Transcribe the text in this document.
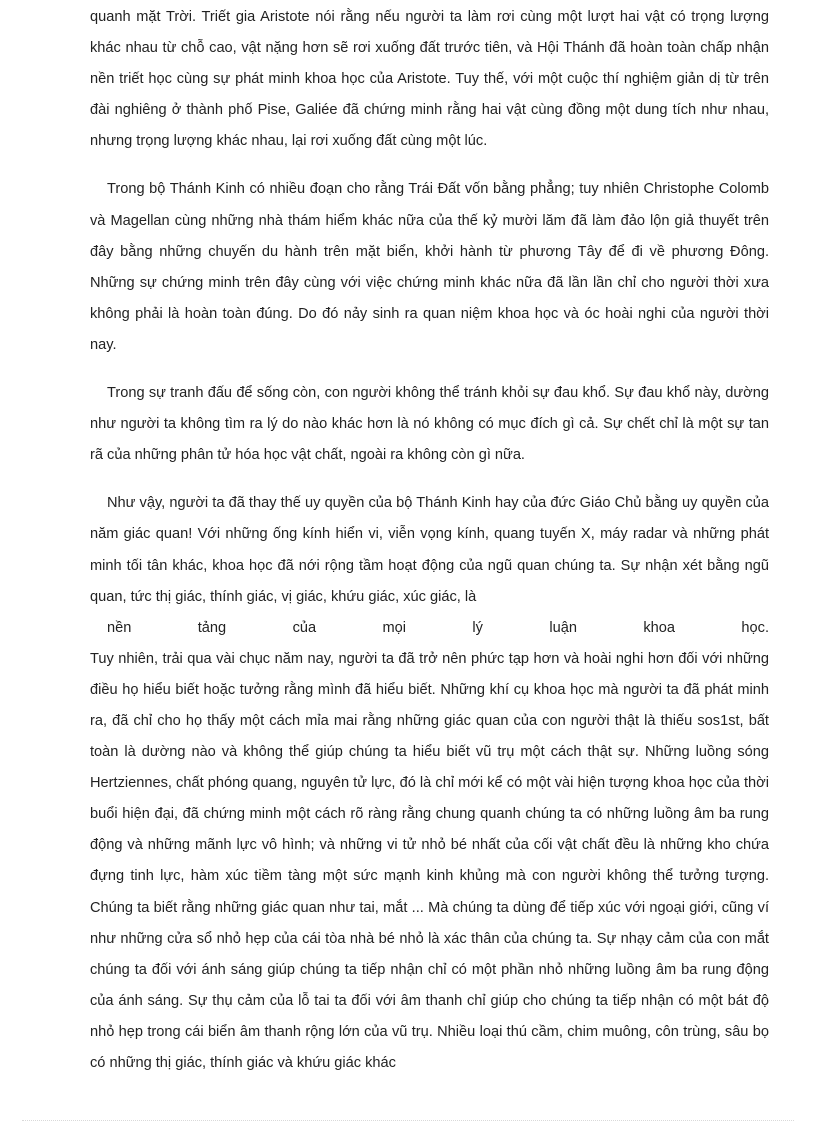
quanh mặt Trời. Triết gia Aristote nói rằng nếu người ta làm rơi cùng một lượt hai vật có trọng lượng khác nhau từ chỗ cao, vật nặng hơn sẽ rơi xuống đất trước tiên, và Hội Thánh đã hoàn toàn chấp nhận nền triết học cùng sự phát minh khoa học của Aristote. Tuy thế, với một cuộc thí nghiệm giản dị từ trên đài nghiêng ở thành phố Pise, Galiée đã chứng minh rằng hai vật cùng đồng một dung tích như nhau, nhưng trọng lượng khác nhau, lại rơi xuống đất cùng một lúc.

Trong bộ Thánh Kinh có nhiều đoạn cho rằng Trái Đất vốn bằng phẳng; tuy nhiên Christophe Colomb và Magellan cùng những nhà thám hiểm khác nữa của thế kỷ mười lăm đã làm đảo lộn giả thuyết trên đây bằng những chuyến du hành trên mặt biển, khởi hành từ phương Tây để đi về phương Đông. Những sự chứng minh trên đây cùng với việc chứng minh khác nữa đã lần lần chỉ cho người thời xưa không phải là hoàn toàn đúng. Do đó nảy sinh ra quan niệm khoa học và óc hoài nghi của người thời nay.

Trong sự tranh đấu để sống còn, con người không thể tránh khỏi sự đau khổ. Sự đau khổ này, dường như người ta không tìm ra lý do nào khác hơn là nó không có mục đích gì cả. Sự chết chỉ là một sự tan rã của những phân tử hóa học vật chất, ngoài ra không còn gì nữa.

Như vậy, người ta đã thay thế uy quyền của bộ Thánh Kinh hay của đức Giáo Chủ bằng uy quyền của năm giác quan! Với những ống kính hiển vi, viễn vọng kính, quang tuyến X, máy radar và những phát minh tối tân khác, khoa học đã nới rộng tầm hoạt động của ngũ quan chúng ta. Sự nhận xét bằng ngũ quan, tức thị giác, thính giác, vị giác, khứu giác, xúc giác, là
nền tảng của mọi lý luận khoa học.

Tuy nhiên, trải qua vài chục năm nay, người ta đã trở nên phức tạp hơn và hoài nghi hơn đối với những điều họ hiểu biết hoặc tưởng rằng mình đã hiểu biết. Những khí cụ khoa học mà người ta đã phát minh ra, đã chỉ cho họ thấy một cách mỉa mai rằng những giác quan của con người thật là thiếu sos1st, bất toàn là dường nào và không thể giúp chúng ta hiểu biết vũ trụ một cách thật sự. Những luồng sóng Hertziennes, chất phóng quang, nguyên tử lực, đó là chỉ mới kể có một vài hiện tượng khoa học của thời buổi hiện đại, đã chứng minh một cách rõ ràng rằng chung quanh chúng ta có những luồng âm ba rung động và những mãnh lực vô hình; và những vi tử nhỏ bé nhất của cối vật chất đều là những kho chứa đựng tinh lực, hàm xúc tiềm tàng một sức mạnh kinh khủng mà con người không thể tưởng tượng. Chúng ta biết rằng những giác quan như tai, mắt ... Mà chúng ta dùng để tiếp xúc với ngoại giới, cũng ví như những cửa sổ nhỏ hẹp của cái tòa nhà bé nhỏ là xác thân của chúng ta. Sự nhạy cảm của con mắt chúng ta đối với ánh sáng giúp chúng ta tiếp nhận chỉ có một phần nhỏ những luồng âm ba rung động của ánh sáng. Sự thụ cảm của lỗ tai ta đối với âm thanh chỉ giúp cho chúng ta tiếp nhận có một bát độ nhỏ hẹp trong cái biển âm thanh rộng lớn của vũ trụ. Nhiều loại thú cầm, chim muông, côn trùng, sâu bọ có những thị giác, thính giác và khứu giác khác
